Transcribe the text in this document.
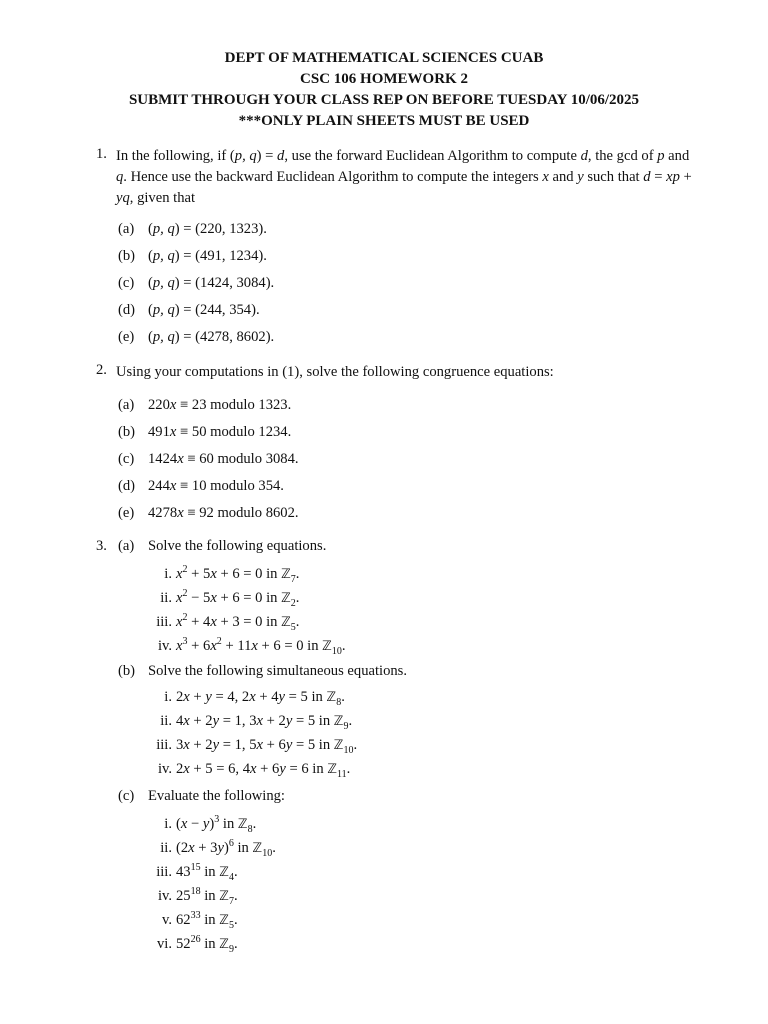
DEPT OF MATHEMATICAL SCIENCES CUAB
CSC 106 HOMEWORK 2
SUBMIT THROUGH YOUR CLASS REP ON BEFORE TUESDAY 10/06/2025
***ONLY PLAIN SHEETS MUST BE USED
1. In the following, if (p, q) = d, use the forward Euclidean Algorithm to compute d, the gcd of p and q. Hence use the backward Euclidean Algorithm to compute the integers x and y such that d = xp + yq, given that
(a) (p, q) = (220, 1323).
(b) (p, q) = (491, 1234).
(c) (p, q) = (1424, 3084).
(d) (p, q) = (244, 354).
(e) (p, q) = (4278, 8602).
2. Using your computations in (1), solve the following congruence equations:
(a) 220x ≡ 23 modulo 1323.
(b) 491x ≡ 50 modulo 1234.
(c) 1424x ≡ 60 modulo 3084.
(d) 244x ≡ 10 modulo 354.
(e) 4278x ≡ 92 modulo 8602.
3. (a) Solve the following equations.
i. $x^2 + 5x + 6 = 0$ in ℤ$_7$.
ii. $x^2 - 5x + 6 = 0$ in ℤ$_2$.
iii. $x^2 + 4x + 3 = 0$ in ℤ$_5$.
iv. $x^3 + 6x^2 + 11x + 6 = 0$ in ℤ$_{10}$.
(b) Solve the following simultaneous equations.
i. 2x + y = 4, 2x + 4y = 5 in ℤ$_8$.
ii. 4x + 2y = 1, 3x + 2y = 5 in ℤ$_9$.
iii. 3x + 2y = 1, 5x + 6y = 5 in ℤ$_{10}$.
iv. 2x + 5 = 6, 4x + 6y = 6 in ℤ$_{11}$.
(c) Evaluate the following:
i. $(x - y)^3$ in ℤ$_8$.
ii. $(2x + 3y)^6$ in ℤ$_{10}$.
iii. $43^{15}$ in ℤ$_4$.
iv. $25^{18}$ in ℤ$_7$.
v. $62^{33}$ in ℤ$_5$.
vi. $52^{26}$ in ℤ$_9$.
